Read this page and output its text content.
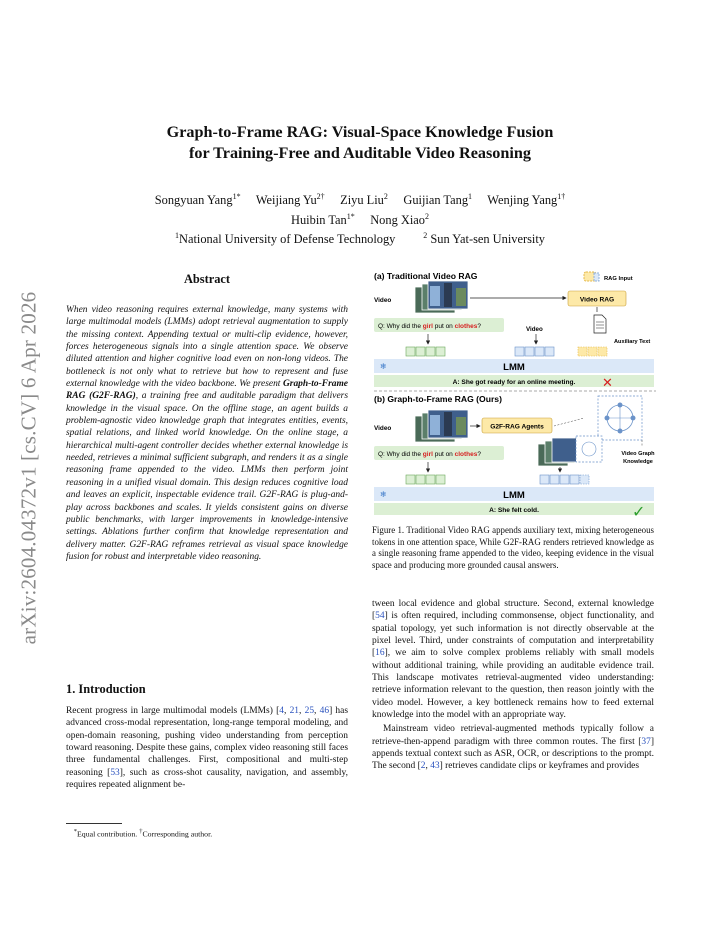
arXiv:2604.04372v1 [cs.CV] 6 Apr 2026
Graph-to-Frame RAG: Visual-Space Knowledge Fusion
for Training-Free and Auditable Video Reasoning
Songyuan Yang$^{1*}$ Weijiang $Yu^{2\dagger}$ Ziyu Liu$^2$ Guijian Tang$^1$ Wenjing Yang$^{1\dagger}$
Huibin Tan$^{1*}$ Nong Xiao$^2$
$^1$National University of Defense Technology	$^2$ Sun Yat-sen University
Abstract
When video reasoning requires external knowledge, many systems with large multimodal models (LMMs) adopt retrieval augmentation to supply the missing context. Appending textual or multi-clip evidence, however, forces heterogeneous signals into a single attention space. We observe diluted attention and higher cognitive load even on non-long videos. The bottleneck is not only what to retrieve but how to represent and fuse external knowledge with the video backbone. We present Graph-to-Frame RAG (G2F-RAG), a training free and auditable paradigm that delivers knowledge in the visual space. On the offline stage, an agent builds a problem-agnostic video knowledge graph that integrates entities, events, spatial relations, and linked world knowledge. On the online stage, a hierarchical multi-agent controller decides whether external knowledge is needed, retrieves a minimal sufficient subgraph, and renders it as a single reasoning frame appended to the video. LMMs then perform joint reasoning in a unified visual domain. This design reduces cognitive load and leaves an explicit, inspectable evidence trail. G2F-RAG is plug-and-play across backbones and scales. It yields consistent gains on diverse public benchmarks, with larger improvements in knowledge-intensive settings. Ablations further confirm that knowledge representation and delivery matter. G2F-RAG reframes retrieval as visual space knowledge fusion for robust and interpretable video reasoning.
1. Introduction
Recent progress in large multimodal models (LMMs) [4, 21, 25, 46] has advanced cross-modal representation, long-range temporal modeling, and open-domain reasoning, pushing video understanding from perception toward reasoning. Despite these gains, complex video reasoning still faces three fundamental challenges. First, compositional and multi-step reasoning [53], such as cross-shot causality, navigation, and assembly, requires repeated alignment be-
*Equal contribution. †Corresponding author.
(a) Traditional Video RAG	RAG Input
Video	Video RAG
Auxiliary Text
Q: Why did the girl put on clothes?	Video
❄	LMM
A: She got ready for an online meeting. ✕
(b) Graph-to-Frame RAG (Ours)
Video	G2F-RAG Agents
Video Graph
Knowledge
Q: Why did the girl put on clothes?
❄	LMM
A: She felt cold.	✓
Figure 1. Traditional Video RAG appends auxiliary text, mixing heterogeneous tokens in one attention space, While G2F-RAG renders retrieved knowledge as a single reasoning frame appended to the video, keeping evidence in the visual space and producing more grounded causal answers.
tween local evidence and global structure. Second, external knowledge [54] is often required, including commonsense, object functionality, and spatial topology, yet such information is not directly observable at the pixel level. Third, under constraints of computation and interpretability [16], we aim to solve complex problems reliably with small models without additional training, while providing an auditable evidence trail. This landscape motivates retrieval-augmented video understanding: retrieve information relevant to the question, then reason jointly with the video model. However, a key bottleneck remains how to feed external knowledge into the model with an appropriate way.
Mainstream video retrieval-augmented methods typically follow a retrieve-then-append paradigm with three common routes. The first [37] appends textual context such as ASR, OCR, or descriptions to the prompt. The second [2, 43] retrieves candidate clips or keyframes and provides
